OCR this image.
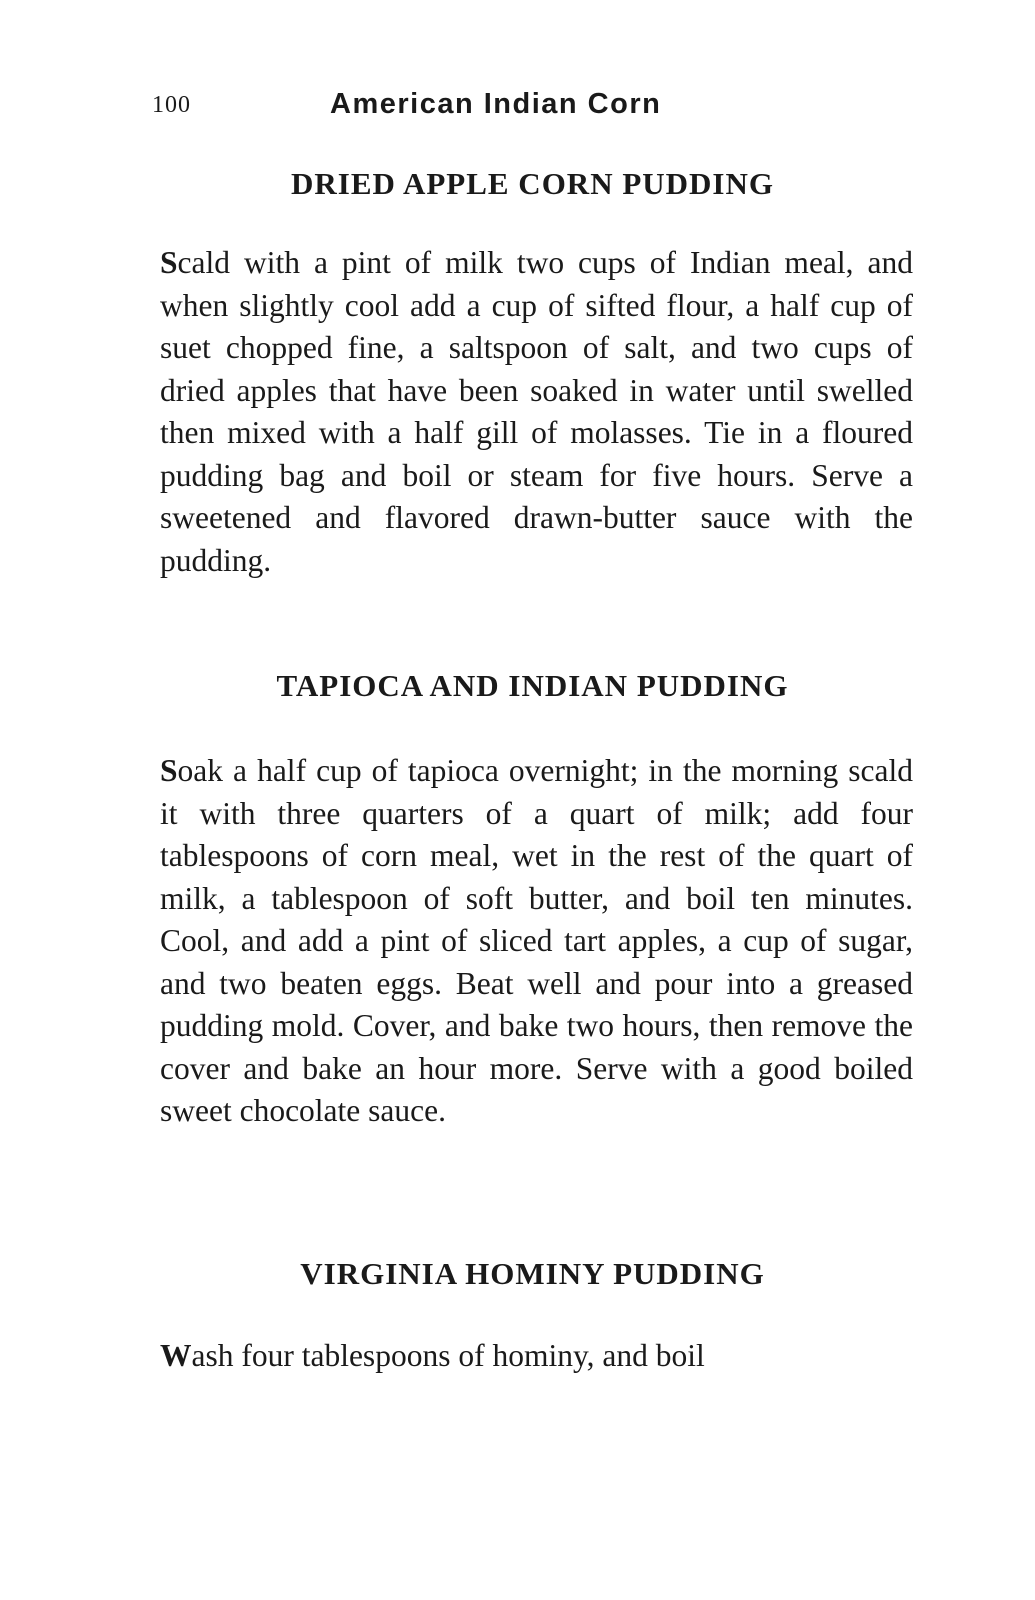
100	American Indian Corn
DRIED APPLE CORN PUDDING

Scald with a pint of milk two cups of Indian meal, and when slightly cool add a cup of sifted flour, a half cup of suet chopped fine, a saltspoon of salt, and two cups of dried apples that have been soaked in water until swelled then mixed with a half gill of molasses. Tie in a floured pudding bag and boil or steam for five hours. Serve a sweetened and flavored drawn-butter sauce with the pudding.

TAPIOCA AND INDIAN PUDDING

Soak a half cup of tapioca overnight; in the morning scald it with three quarters of a quart of milk; add four tablespoons of corn meal, wet in the rest of the quart of milk, a tablespoon of soft butter, and boil ten minutes. Cool, and add a pint of sliced tart apples, a cup of sugar, and two beaten eggs. Beat well and pour into a greased pudding mold. Cover, and bake two hours, then remove the cover and bake an hour more. Serve with a good boiled sweet chocolate sauce.

VIRGINIA HOMINY PUDDING

Wash four tablespoons of hominy, and boil
